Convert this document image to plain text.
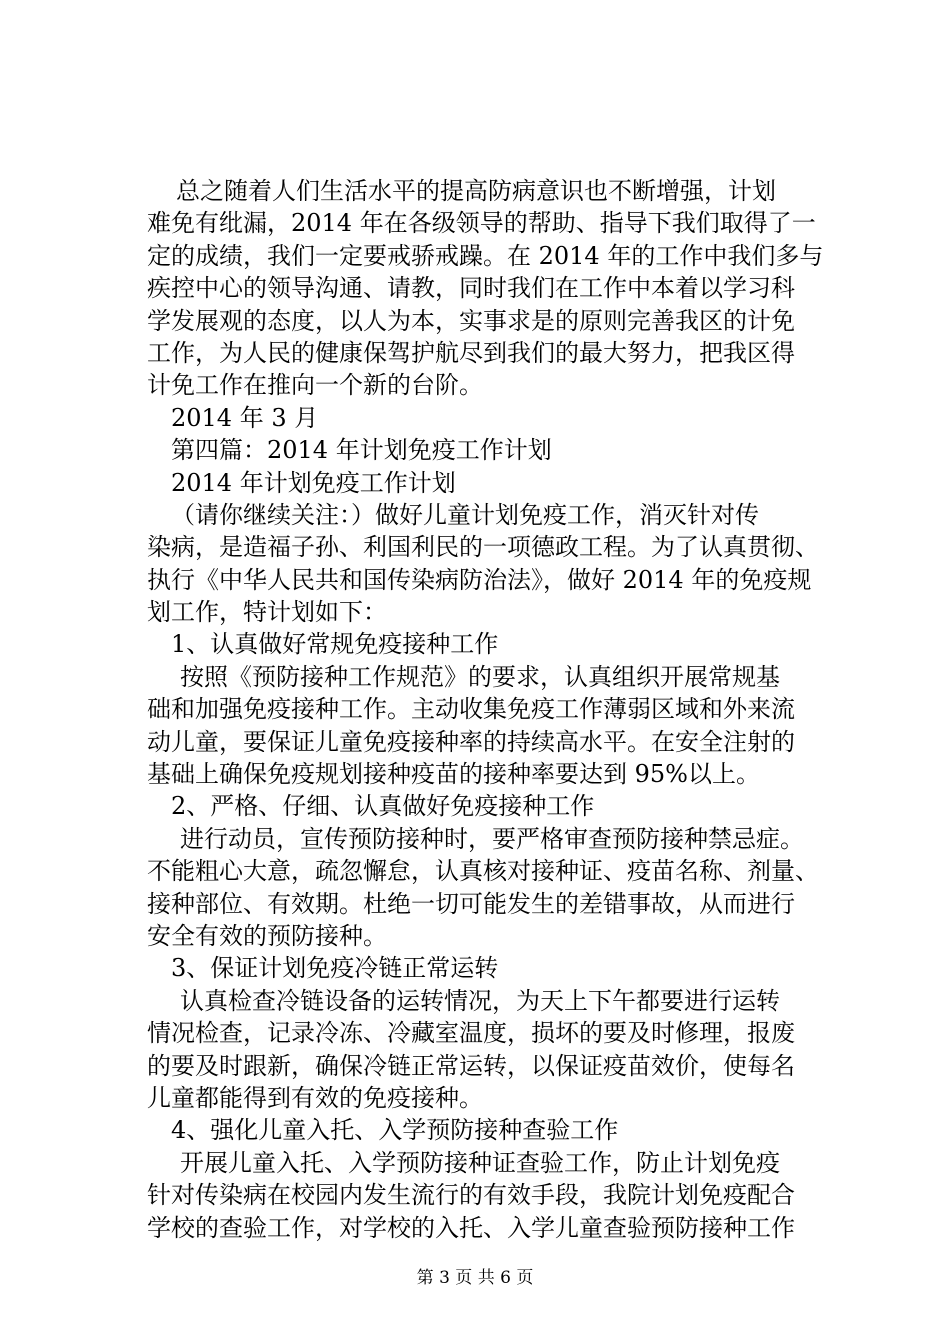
总之随着人们生活水平的提高防病意识也不断增强，计划
难免有纰漏，2014 年在各级领导的帮助、指导下我们取得了一
定的成绩，我们一定要戒骄戒躁。在 2014 年的工作中我们多与
疾控中心的领导沟通、请教，同时我们在工作中本着以学习科
学发展观的态度，以人为本，实事求是的原则完善我区的计免
工作，为人民的健康保驾护航尽到我们的最大努力，把我区得
计免工作在推向一个新的台阶。
2014 年 3 月
第四篇：2014 年计划免疫工作计划
2014 年计划免疫工作计划
（请你继续关注：）做好儿童计划免疫工作，消灭针对传
染病，是造福子孙、利国利民的一项德政工程。为了认真贯彻、
执行《中华人民共和国传染病防治法》，做好 2014 年的免疫规
划工作，特计划如下：
1、认真做好常规免疫接种工作
按照《预防接种工作规范》的要求，认真组织开展常规基
础和加强免疫接种工作。主动收集免疫工作薄弱区域和外来流
动儿童，要保证儿童免疫接种率的持续高水平。在安全注射的
基础上确保免疫规划接种疫苗的接种率要达到 95%以上。
2、严格、仔细、认真做好免疫接种工作
进行动员，宣传预防接种时，要严格审查预防接种禁忌症。
不能粗心大意，疏忽懈怠，认真核对接种证、疫苗名称、剂量、
接种部位、有效期。杜绝一切可能发生的差错事故，从而进行
安全有效的预防接种。
3、保证计划免疫冷链正常运转
认真检查冷链设备的运转情况，为天上下午都要进行运转
情况检查，记录冷冻、冷藏室温度，损坏的要及时修理，报废
的要及时跟新，确保冷链正常运转，以保证疫苗效价，使每名
儿童都能得到有效的免疫接种。
4、强化儿童入托、入学预防接种查验工作
开展儿童入托、入学预防接种证查验工作，防止计划免疫
针对传染病在校园内发生流行的有效手段，我院计划免疫配合
学校的查验工作，对学校的入托、入学儿童查验预防接种工作
第 3 页 共 6 页
